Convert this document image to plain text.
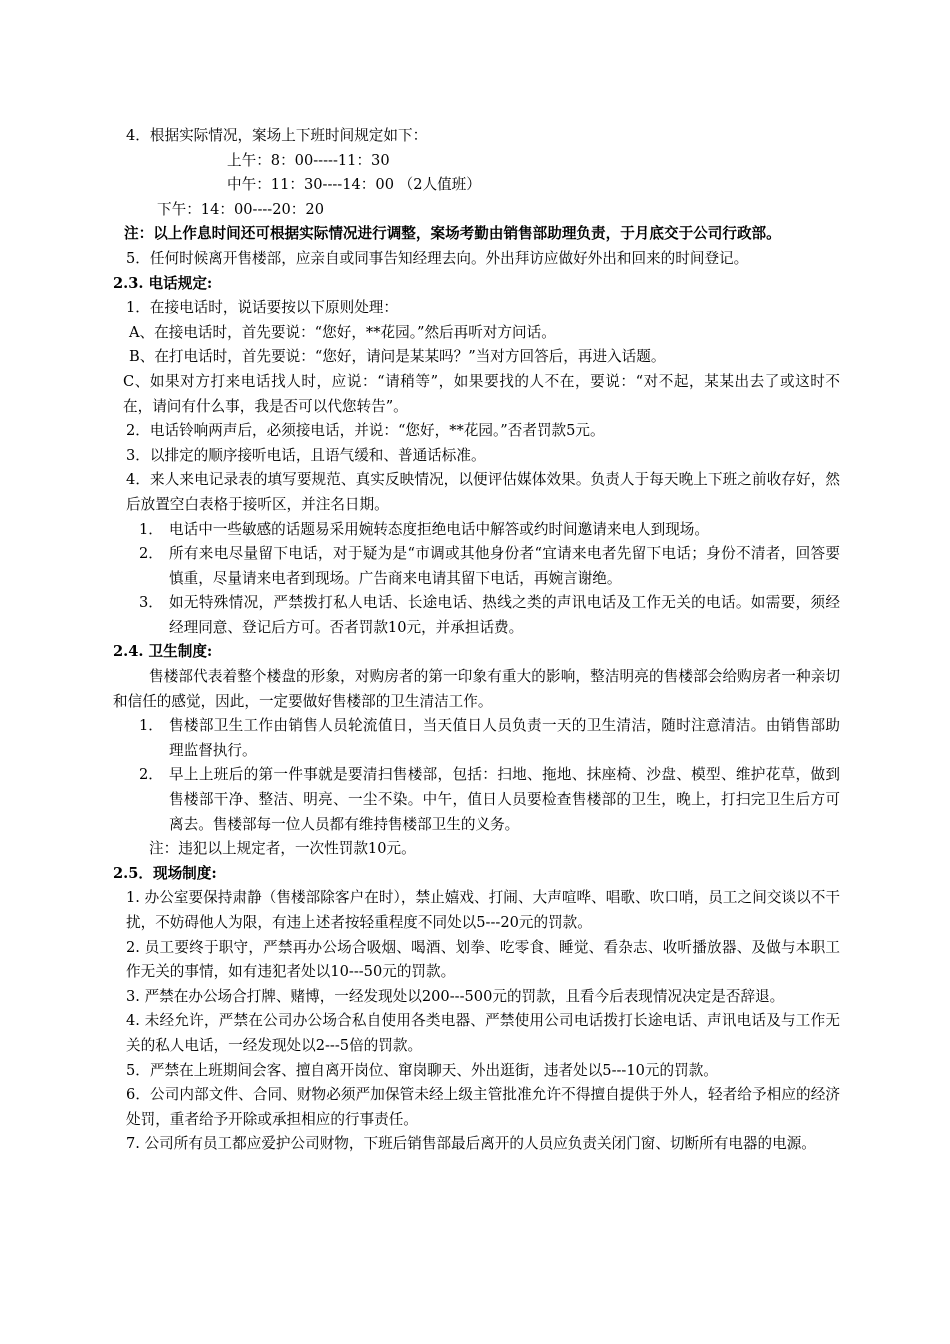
4．根据实际情况，案场上下班时间规定如下：
上午：8：00-----11：30
中午：11：30----14：00 （2人值班）
下午：14：00----20：20
注：以上作息时间还可根据实际情况进行调整，案场考勤由销售部助理负责，于月底交于公司行政部。
5．任何时候离开售楼部，应亲自或同事告知经理去向。外出拜访应做好外出和回来的时间登记。
2.3. 电话规定:
1．在接电话时，说话要按以下原则处理：
A、在接电话时，首先要说：“您好，**花园。”然后再听对方问话。
B、在打电话时，首先要说：“您好，请问是某某吗？”当对方回答后，再进入话题。
C、如果对方打来电话找人时，应说：“请稍等”，如果要找的人不在，要说：“对不起，某某出去了或这时不在，请问有什么事，我是否可以代您转告”。
2．电话铃响两声后，必须接电话，并说：“您好，**花园。”否者罚款5元。
3．以排定的顺序接听电话，且语气缓和、普通话标准。
4．来人来电记录表的填写要规范、真实反映情况，以便评估媒体效果。负责人于每天晚上下班之前收存好，然后放置空白表格于接听区，并注名日期。
1． 电话中一些敏感的话题易采用婉转态度拒绝电话中解答或约时间邀请来电人到现场。
2． 所有来电尽量留下电话，对于疑为是“市调或其他身份者“宜请来电者先留下电话；身份不清者，回答要慎重，尽量请来电者到现场。广告商来电请其留下电话，再婉言谢绝。
3． 如无特殊情况，严禁拨打私人电话、长途电话、热线之类的声讯电话及工作无关的电话。如需要，须经经理同意、登记后方可。否者罚款10元，并承担话费。
2.4. 卫生制度:
售楼部代表着整个楼盘的形象，对购房者的第一印象有重大的影响，整洁明亮的售楼部会给购房者一种亲切和信任的感觉，因此，一定要做好售楼部的卫生清洁工作。
1． 售楼部卫生工作由销售人员轮流值日，当天值日人员负责一天的卫生清洁，随时注意清洁。由销售部助理监督执行。
2． 早上上班后的第一件事就是要清扫售楼部，包括：扫地、拖地、抹座椅、沙盘、模型、维护花草，做到售楼部干净、整洁、明亮、一尘不染。中午，值日人员要检查售楼部的卫生，晚上，打扫完卫生后方可离去。售楼部每一位人员都有维持售楼部卫生的义务。
注：违犯以上规定者，一次性罚款10元。
2.5．现场制度:
1. 办公室要保持肃静（售楼部除客户在时），禁止嬉戏、打闹、大声喧哗、唱歌、吹口哨，员工之间交谈以不干扰，不妨碍他人为限，有违上述者按轻重程度不同处以5---20元的罚款。
2. 员工要终于职守，严禁再办公场合吸烟、喝酒、划拳、吃零食、睡觉、看杂志、收听播放器、及做与本职工作无关的事情，如有违犯者处以10---50元的罚款。
3. 严禁在办公场合打牌、赌博，一经发现处以200---500元的罚款，且看今后表现情况决定是否辞退。
4. 未经允许，严禁在公司办公场合私自使用各类电器、严禁使用公司电话拨打长途电话、声讯电话及与工作无关的私人电话，一经发现处以2---5倍的罚款。
5．严禁在上班期间会客、擅自离开岗位、窜岗聊天、外出逛街，违者处以5---10元的罚款。
6．公司内部文件、合同、财物必须严加保管未经上级主管批准允许不得擅自提供于外人，轻者给予相应的经济处罚，重者给予开除或承担相应的行事责任。
7. 公司所有员工都应爱护公司财物，下班后销售部最后离开的人员应负责关闭门窗、切断所有电器的电源。
